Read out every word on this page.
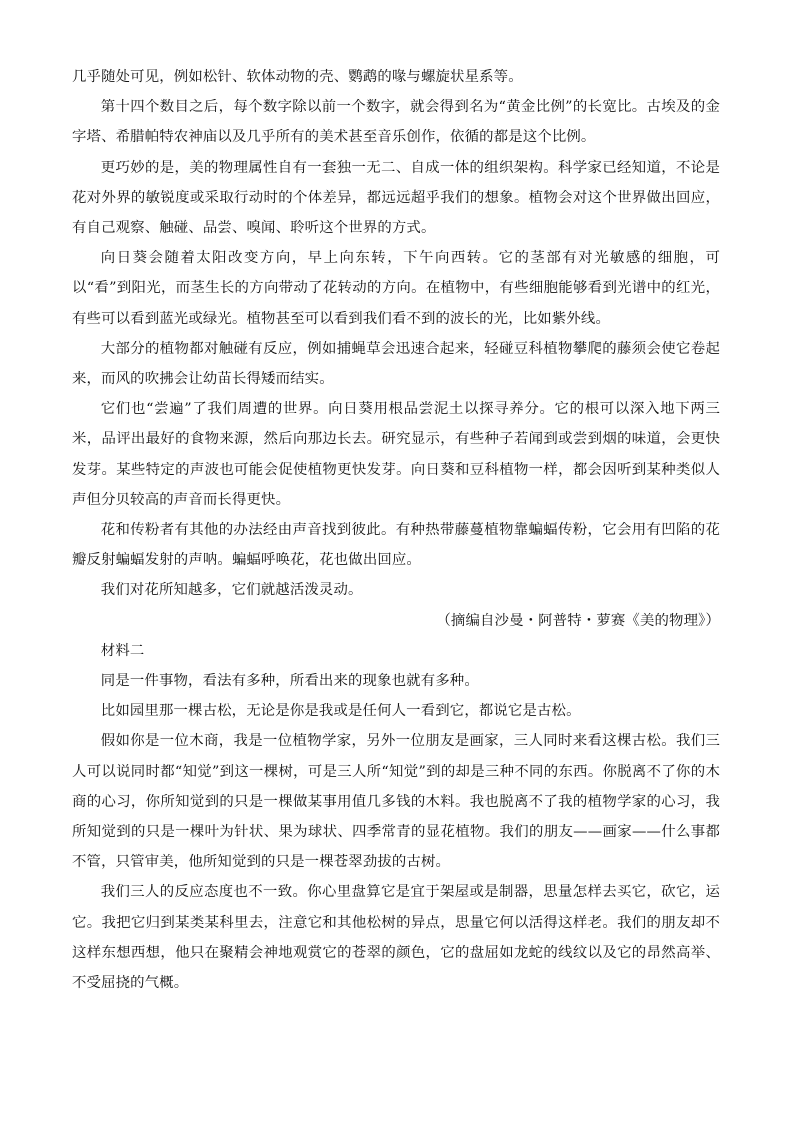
几乎随处可见，例如松针、软体动物的壳、鹦鹉的喙与螺旋状星系等。

第十四个数目之后，每个数字除以前一个数字，就会得到名为“黄金比例”的长宽比。古埃及的金字塔、希腊帕特农神庙以及几乎所有的美术甚至音乐创作，依循的都是这个比例。

更巧妙的是，美的物理属性自有一套独一无二、自成一体的组织架构。科学家已经知道，不论是花对外界的敏锐度或采取行动时的个体差异，都远远超乎我们的想象。植物会对这个世界做出回应，有自己观察、触碰、品尝、嗅闻、聆听这个世界的方式。

向日葵会随着太阳改变方向，早上向东转，下午向西转。它的茎部有对光敏感的细胞，可以“看”到阳光，而茎生长的方向带动了花转动的方向。在植物中，有些细胞能够看到光谱中的红光，有些可以看到蓝光或绿光。植物甚至可以看到我们看不到的波长的光，比如紫外线。

大部分的植物都对触碰有反应，例如捕蝇草会迅速合起来，轻碰豆科植物攀爬的藤须会使它卷起来，而风的吹拂会让幼苗长得矮而结实。

它们也“尝遍”了我们周遭的世界。向日葵用根品尝泥土以探寻养分。它的根可以深入地下两三米，品评出最好的食物来源，然后向那边长去。研究显示，有些种子若闻到或尝到烟的味道，会更快发芽。某些特定的声波也可能会促使植物更快发芽。向日葵和豆科植物一样，都会因听到某种类似人声但分贝较高的声音而长得更快。

花和传粉者有其他的办法经由声音找到彼此。有种热带藤蔓植物靠蝙蝠传粉，它会用有凹陷的花瓣反射蝙蝠发射的声呐。蝙蝠呼唤花，花也做出回应。

我们对花所知越多，它们就越活泼灵动。

（摘编自沙曼・阿普特・萝赛《美的物理》）

材料二

同是一件事物，看法有多种，所看出来的现象也就有多种。

比如园里那一棵古松，无论是你是我或是任何人一看到它，都说它是古松。

假如你是一位木商，我是一位植物学家，另外一位朋友是画家，三人同时来看这棵古松。我们三人可以说同时都“知觉”到这一棵树，可是三人所“知觉”到的却是三种不同的东西。你脱离不了你的木商的心习，你所知觉到的只是一棵做某事用值几多钱的木料。我也脱离不了我的植物学家的心习，我所知觉到的只是一棵叶为针状、果为球状、四季常青的显花植物。我们的朋友——画家——什么事都不管，只管审美，他所知觉到的只是一棵苍翠劲拔的古树。

我们三人的反应态度也不一致。你心里盘算它是宜于架屋或是制器，思量怎样去买它，砍它，运它。我把它归到某类某科里去，注意它和其他松树的异点，思量它何以活得这样老。我们的朋友却不这样东想西想，他只在聚精会神地观赏它的苍翠的颜色，它的盘屈如龙蛇的线纹以及它的昂然高举、不受屈挠的气概。
